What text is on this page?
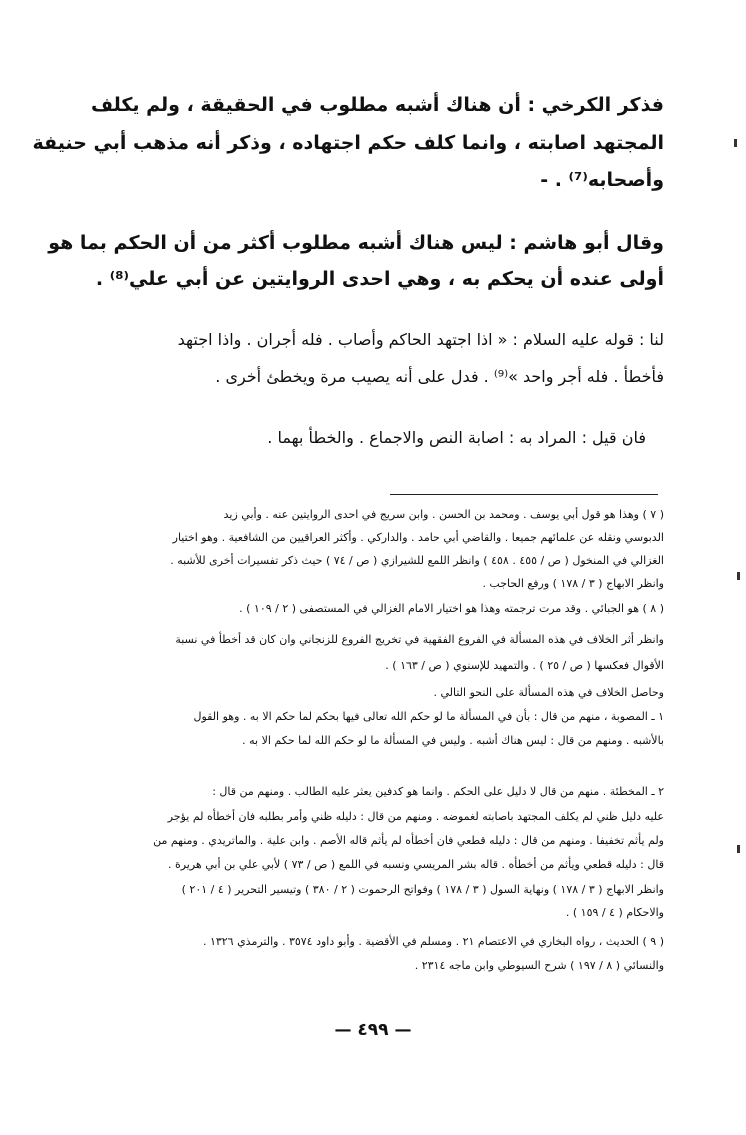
فذكر الكرخي : أن هناك أشبه مطلوب في الحقيقة ، ولم يكلف
المجتهد اصابته ، وانما كلف حكم اجتهاده ، وذكر أنه مذهب أبي حنيفة
وأصحابه⁽⁷⁾ . -
وقال أبو هاشم : ليس هناك أشبه مطلوب أكثر من أن الحكم بما هو
أولى عنده أن يحكم به ، وهي احدى الروايتين عن أبي علي⁽⁸⁾ .
لنا : قوله عليه السلام : « اذا اجتهد الحاكم وأصاب . فله أجران . واذا اجتهد
فأخطأ . فله أجر واحد »⁽⁹⁾ . فدل على أنه يصيب مرة ويخطئ أخرى .
فان قيل : المراد به : اصابة النص والاجماع . والخطأ بهما .
( ٧ ) وهذا هو قول أبي يوسف . ومحمد بن الحسن . وابن سريج في احدى الروايتين عنه . وأبي زيد
الدبوسي ونقله عن علمائهم جميعا . والقاضي أبي حامد . والداركي . وأكثر العراقيين من الشافعية . وهو اختيار
الغزالي في المنخول ( ص / ٤٥٥ . ٤٥٨ ) وانظر اللمع للشيرازي ( ص / ٧٤ ) حيث ذكر تفسيرات أخرى للأشبه .
وانظر الابهاج ( ٣ / ١٧٨ ) ورفع الحاجب .
( ٨ ) هو الجبائي . وقد مرت ترجمته وهذا هو اختيار الامام الغزالي في المستصفى ( ٢ / ١٠٩ ) .
وانظر أثر الخلاف في هذه المسألة في الفروع الفقهية في تخريج الفروع للزنجاني وان كان قد أخطأ في نسبة
الأقوال فعكسها ( ص / ٢٥ ) . والتمهيد للإسنوي ( ص / ١٦٣ ) .
وحاصل الخلاف في هذه المسألة على النحو التالي .
١ ـ المصوبة ، منهم من قال : بأن في المسألة ما لو حكم الله تعالى فيها بحكم لما حكم الا به . وهو القول
بالأشبه . ومنهم من قال : ليس هناك أشبه . وليس في المسألة ما لو حكم الله لما حكم الا به .
٢ ـ المخطئة . منهم من قال لا دليل على الحكم . وانما هو كدفين يعثر عليه الطالب . ومنهم من قال :
عليه دليل ظني لم يكلف المجتهد باصابته لغموضه . ومنهم من قال : دليله ظني وأمر بطلبه فان أخطأه لم يؤجر
ولم يأثم تخفيفا . ومنهم من قال : دليله قطعي فان أخطأه لم يأثم قاله الأصم . وابن علية . والماتريدي . ومنهم من
قال : دليله قطعي ويأثم من أخطأه . قاله بشر المريسي ونسبه في اللمع ( ص / ٧٣ ) لأبي علي بن أبي هريرة .
وانظر الابهاج ( ٣ / ١٧٨ ) ونهاية السول ( ٣ / ١٧٨ ) وفواتح الرحموت ( ٢ / ٣٨٠ ) وتيسير التحرير ( ٤ / ٢٠١ )
والاحكام ( ٤ / ١٥٩ ) .
( ٩ ) الحديث ، رواه البخاري في الاعتصام ٢١ . ومسلم في الأقضية . وأبو داود ٣٥٧٤ . والترمذي ١٣٢٦ .
والنسائي ( ٨ / ١٩٧ ) شرح السيوطي وابن ماجه ٢٣١٤ .
— ٤٩٩ —
